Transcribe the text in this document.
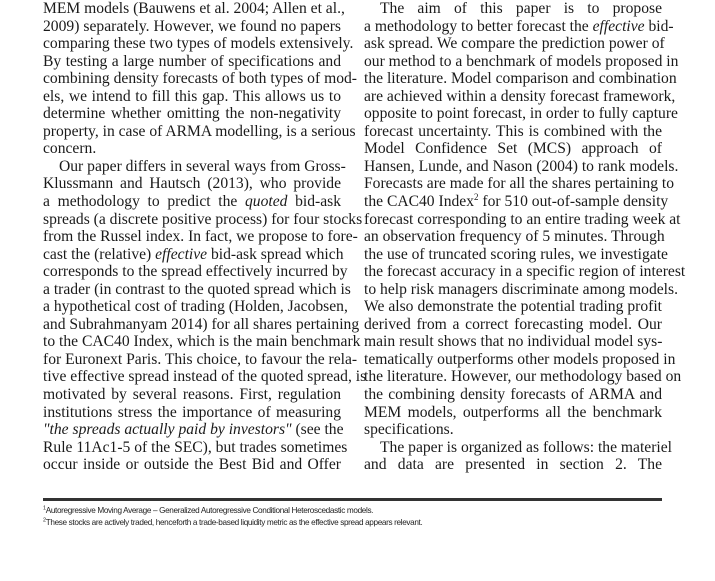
MEM models (Bauwens et al. 2004; Allen et al.,
2009) separately. However, we found no papers
comparing these two types of models extensively.
By testing a large number of specifications and
combining density forecasts of both types of mod-
els, we intend to fill this gap. This allows us to
determine whether omitting the non-negativity
property, in case of ARMA modelling, is a serious
concern.
Our paper differs in several ways from Gross-
Klussmann and Hautsch (2013), who provide
a methodology to predict the quoted bid-ask
spreads (a discrete positive process) for four stocks
from the Russel index. In fact, we propose to fore-
cast the (relative) effective bid-ask spread which
corresponds to the spread effectively incurred by
a trader (in contrast to the quoted spread which is
a hypothetical cost of trading (Holden, Jacobsen,
and Subrahmanyam 2014) for all shares pertaining
to the CAC40 Index, which is the main benchmark
for Euronext Paris. This choice, to favour the rela-
tive effective spread instead of the quoted spread, is
motivated by several reasons. First, regulation
institutions stress the importance of measuring
"the spreads actually paid by investors" (see the
Rule 11Ac1-5 of the SEC), but trades sometimes
occur inside or outside the Best Bid and Offer
The aim of this paper is to propose
a methodology to better forecast the effective bid-
ask spread. We compare the prediction power of
our method to a benchmark of models proposed in
the literature. Model comparison and combination
are achieved within a density forecast framework,
opposite to point forecast, in order to fully capture
forecast uncertainty. This is combined with the
Model Confidence Set (MCS) approach of
Hansen, Lunde, and Nason (2004) to rank models.
Forecasts are made for all the shares pertaining to
the CAC40 Index$^2$ for 510 out-of-sample density
forecast corresponding to an entire trading week at
an observation frequency of 5 minutes. Through
the use of truncated scoring rules, we investigate
the forecast accuracy in a specific region of interest
to help risk managers discriminate among models.
We also demonstrate the potential trading profit
derived from a correct forecasting model. Our
main result shows that no individual model sys-
tematically outperforms other models proposed in
the literature. However, our methodology based on
the combining density forecasts of ARMA and
MEM models, outperforms all the benchmark
specifications.
The paper is organized as follows: the materiel
and data are presented in section 2. The
$^1$Autoregressive Moving Average – Generalized Autoregressive Conditional Heteroscedastic models.
$^2$These stocks are actively traded, henceforth a trade-based liquidity metric as the effective spread appears relevant.
